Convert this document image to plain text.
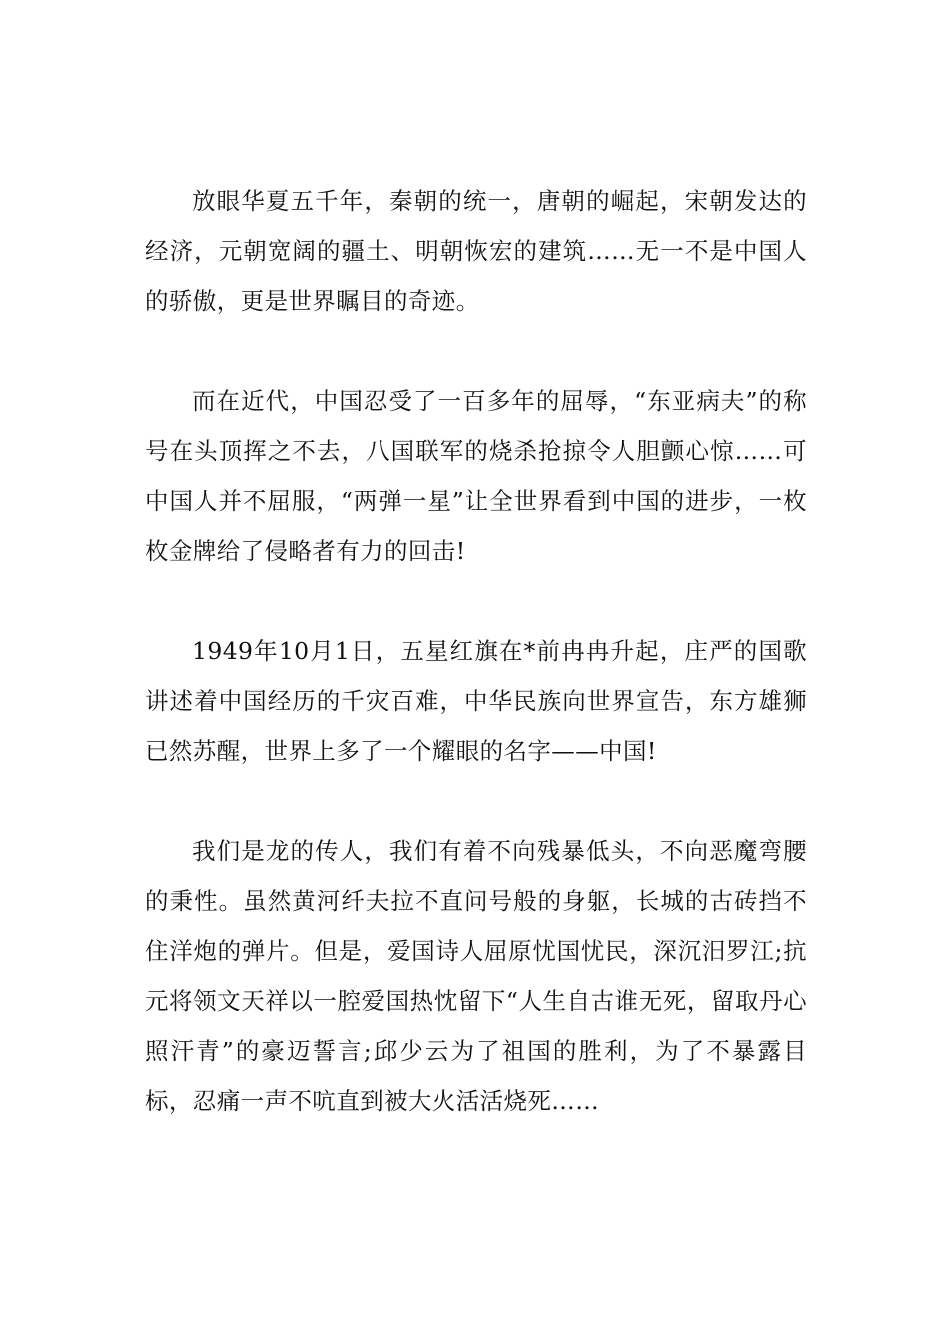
放眼华夏五千年，秦朝的统一，唐朝的崛起，宋朝发达的经济，元朝宽阔的疆土、明朝恢宏的建筑……无一不是中国人的骄傲，更是世界瞩目的奇迹。

而在近代，中国忍受了一百多年的屈辱，“东亚病夫”的称号在头顶挥之不去，八国联军的烧杀抢掠令人胆颤心惊……可中国人并不屈服，“两弹一星”让全世界看到中国的进步，一枚枚金牌给了侵略者有力的回击!

1949年10月1日，五星红旗在*前冉冉升起，庄严的国歌讲述着中国经历的千灾百难，中华民族向世界宣告，东方雄狮已然苏醒，世界上多了一个耀眼的名字——中国!

我们是龙的传人，我们有着不向残暴低头，不向恶魔弯腰的秉性。虽然黄河纤夫拉不直问号般的身躯，长城的古砖挡不住洋炮的弹片。但是，爱国诗人屈原忧国忧民，深沉汨罗江;抗元将领文天祥以一腔爱国热忱留下“人生自古谁无死，留取丹心照汗青”的豪迈誓言;邱少云为了祖国的胜利，为了不暴露目标，忍痛一声不吭直到被大火活活烧死……
